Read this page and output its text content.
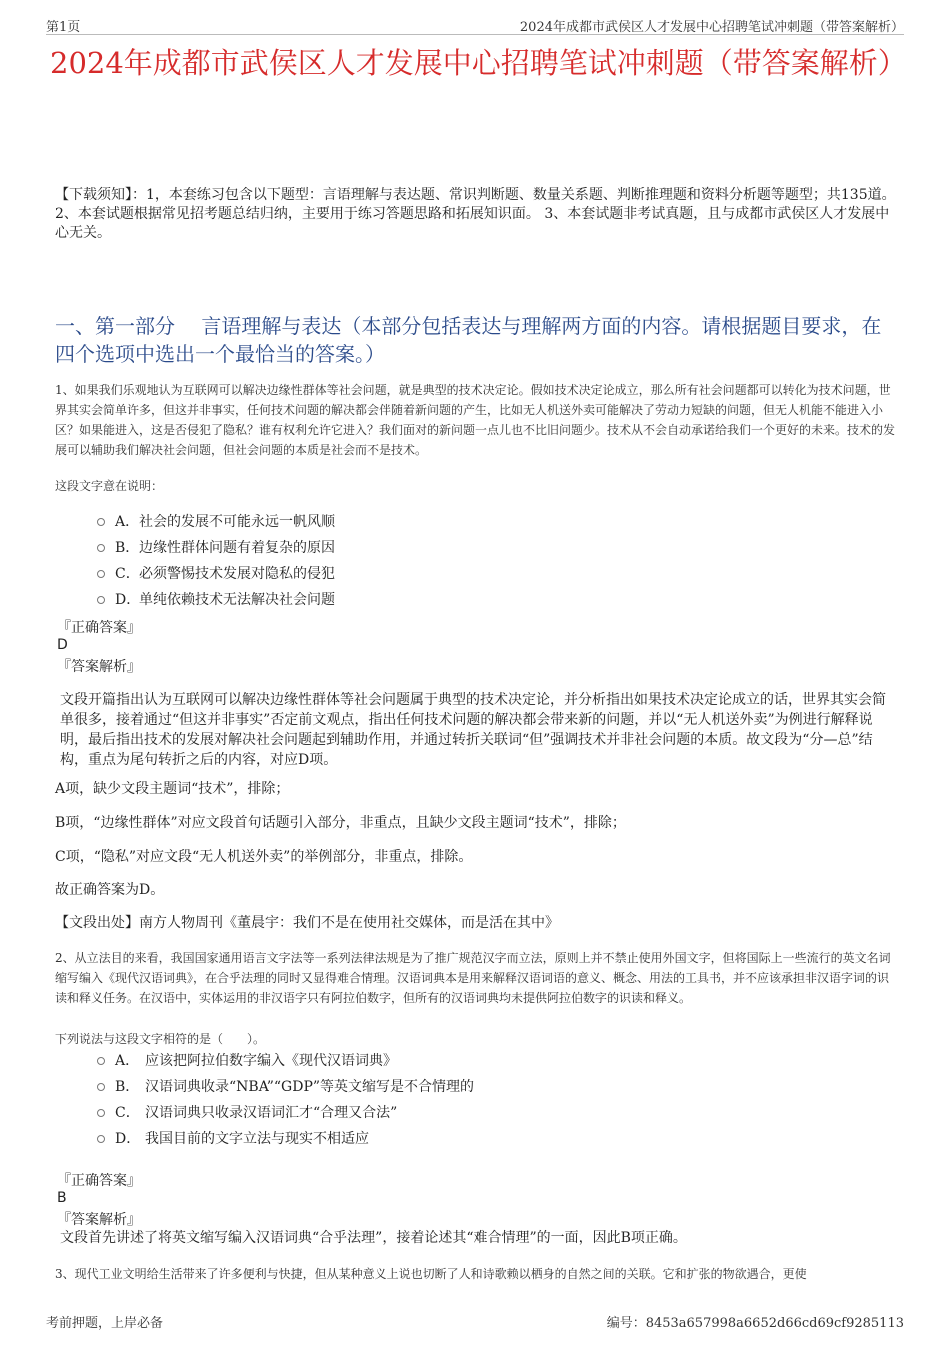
第1页	2024年成都市武侯区人才发展中心招聘笔试冲刺题（带答案解析）
2024年成都市武侯区人才发展中心招聘笔试冲刺题（带答案解析）
【下载须知】：1，本套练习包含以下题型：言语理解与表达题、常识判断题、数量关系题、判断推理题和资料分析题等题型；共135道。 2、本套试题根据常见招考题总结归纳，主要用于练习答题思路和拓展知识面。 3、本套试题非考试真题，且与成都市武侯区人才发展中心无关。
一、第一部分　 言语理解与表达（本部分包括表达与理解两方面的内容。请根据题目要求，在四个选项中选出一个最恰当的答案。）
1、如果我们乐观地认为互联网可以解决边缘性群体等社会问题，就是典型的技术决定论。假如技术决定论成立，那么所有社会问题都可以转化为技术问题，世界其实会简单许多，但这并非事实，任何技术问题的解决都会伴随着新问题的产生，比如无人机送外卖可能解决了劳动力短缺的问题，但无人机能不能进入小区？如果能进入，这是否侵犯了隐私？谁有权利允许它进入？我们面对的新问题一点儿也不比旧问题少。技术从不会自动承诺给我们一个更好的未来。技术的发展可以辅助我们解决社会问题，但社会问题的本质是社会而不是技术。
这段文字意在说明：
A．社会的发展不可能永远一帆风顺
B．边缘性群体问题有着复杂的原因
C．必须警惕技术发展对隐私的侵犯
D．单纯依赖技术无法解决社会问题
『正确答案』
D
『答案解析』
文段开篇指出认为互联网可以解决边缘性群体等社会问题属于典型的技术决定论，并分析指出如果技术决定论成立的话，世界其实会简单很多，接着通过“但这并非事实”否定前文观点，指出任何技术问题的解决都会带来新的问题，并以“无人机送外卖”为例进行解释说明，最后指出技术的发展对解决社会问题起到辅助作用，并通过转折关联词“但”强调技术并非社会问题的本质。故文段为“分—总”结构，重点为尾句转折之后的内容，对应D项。
A项，缺少文段主题词“技术”，排除；
B项，“边缘性群体”对应文段首句话题引入部分，非重点，且缺少文段主题词“技术”，排除；
C项，“隐私”对应文段“无人机送外卖”的举例部分，非重点，排除。
故正确答案为D。
【文段出处】南方人物周刊《董晨宇：我们不是在使用社交媒体，而是活在其中》
2、从立法目的来看，我国国家通用语言文字法等一系列法律法规是为了推广规范汉字而立法，原则上并不禁止使用外国文字，但将国际上一些流行的英文名词缩写编入《现代汉语词典》，在合乎法理的同时又显得难合情理。汉语词典本是用来解释汉语词语的意义、概念、用法的工具书，并不应该承担非汉语字词的识读和释义任务。在汉语中，实体运用的非汉语字只有阿拉伯数字，但所有的汉语词典均未提供阿拉伯数字的识读和释义。
下列说法与这段文字相符的是（　　）。
A． 应该把阿拉伯数字编入《现代汉语词典》
B． 汉语词典收录“NBA”“GDP”等英文缩写是不合情理的
C． 汉语词典只收录汉语词汇才“合理又合法”
D． 我国目前的文字立法与现实不相适应
『正确答案』
B
『答案解析』
文段首先讲述了将英文缩写编入汉语词典“合乎法理”，接着论述其“难合情理”的一面，因此B项正确。
3、现代工业文明给生活带来了许多便利与快捷，但从某种意义上说也切断了人和诗歌赖以栖身的自然之间的关联。它和扩张的物欲遇合，更使
考前押题，上岸必备	编号：8453a657998a6652d66cd69cf9285113
